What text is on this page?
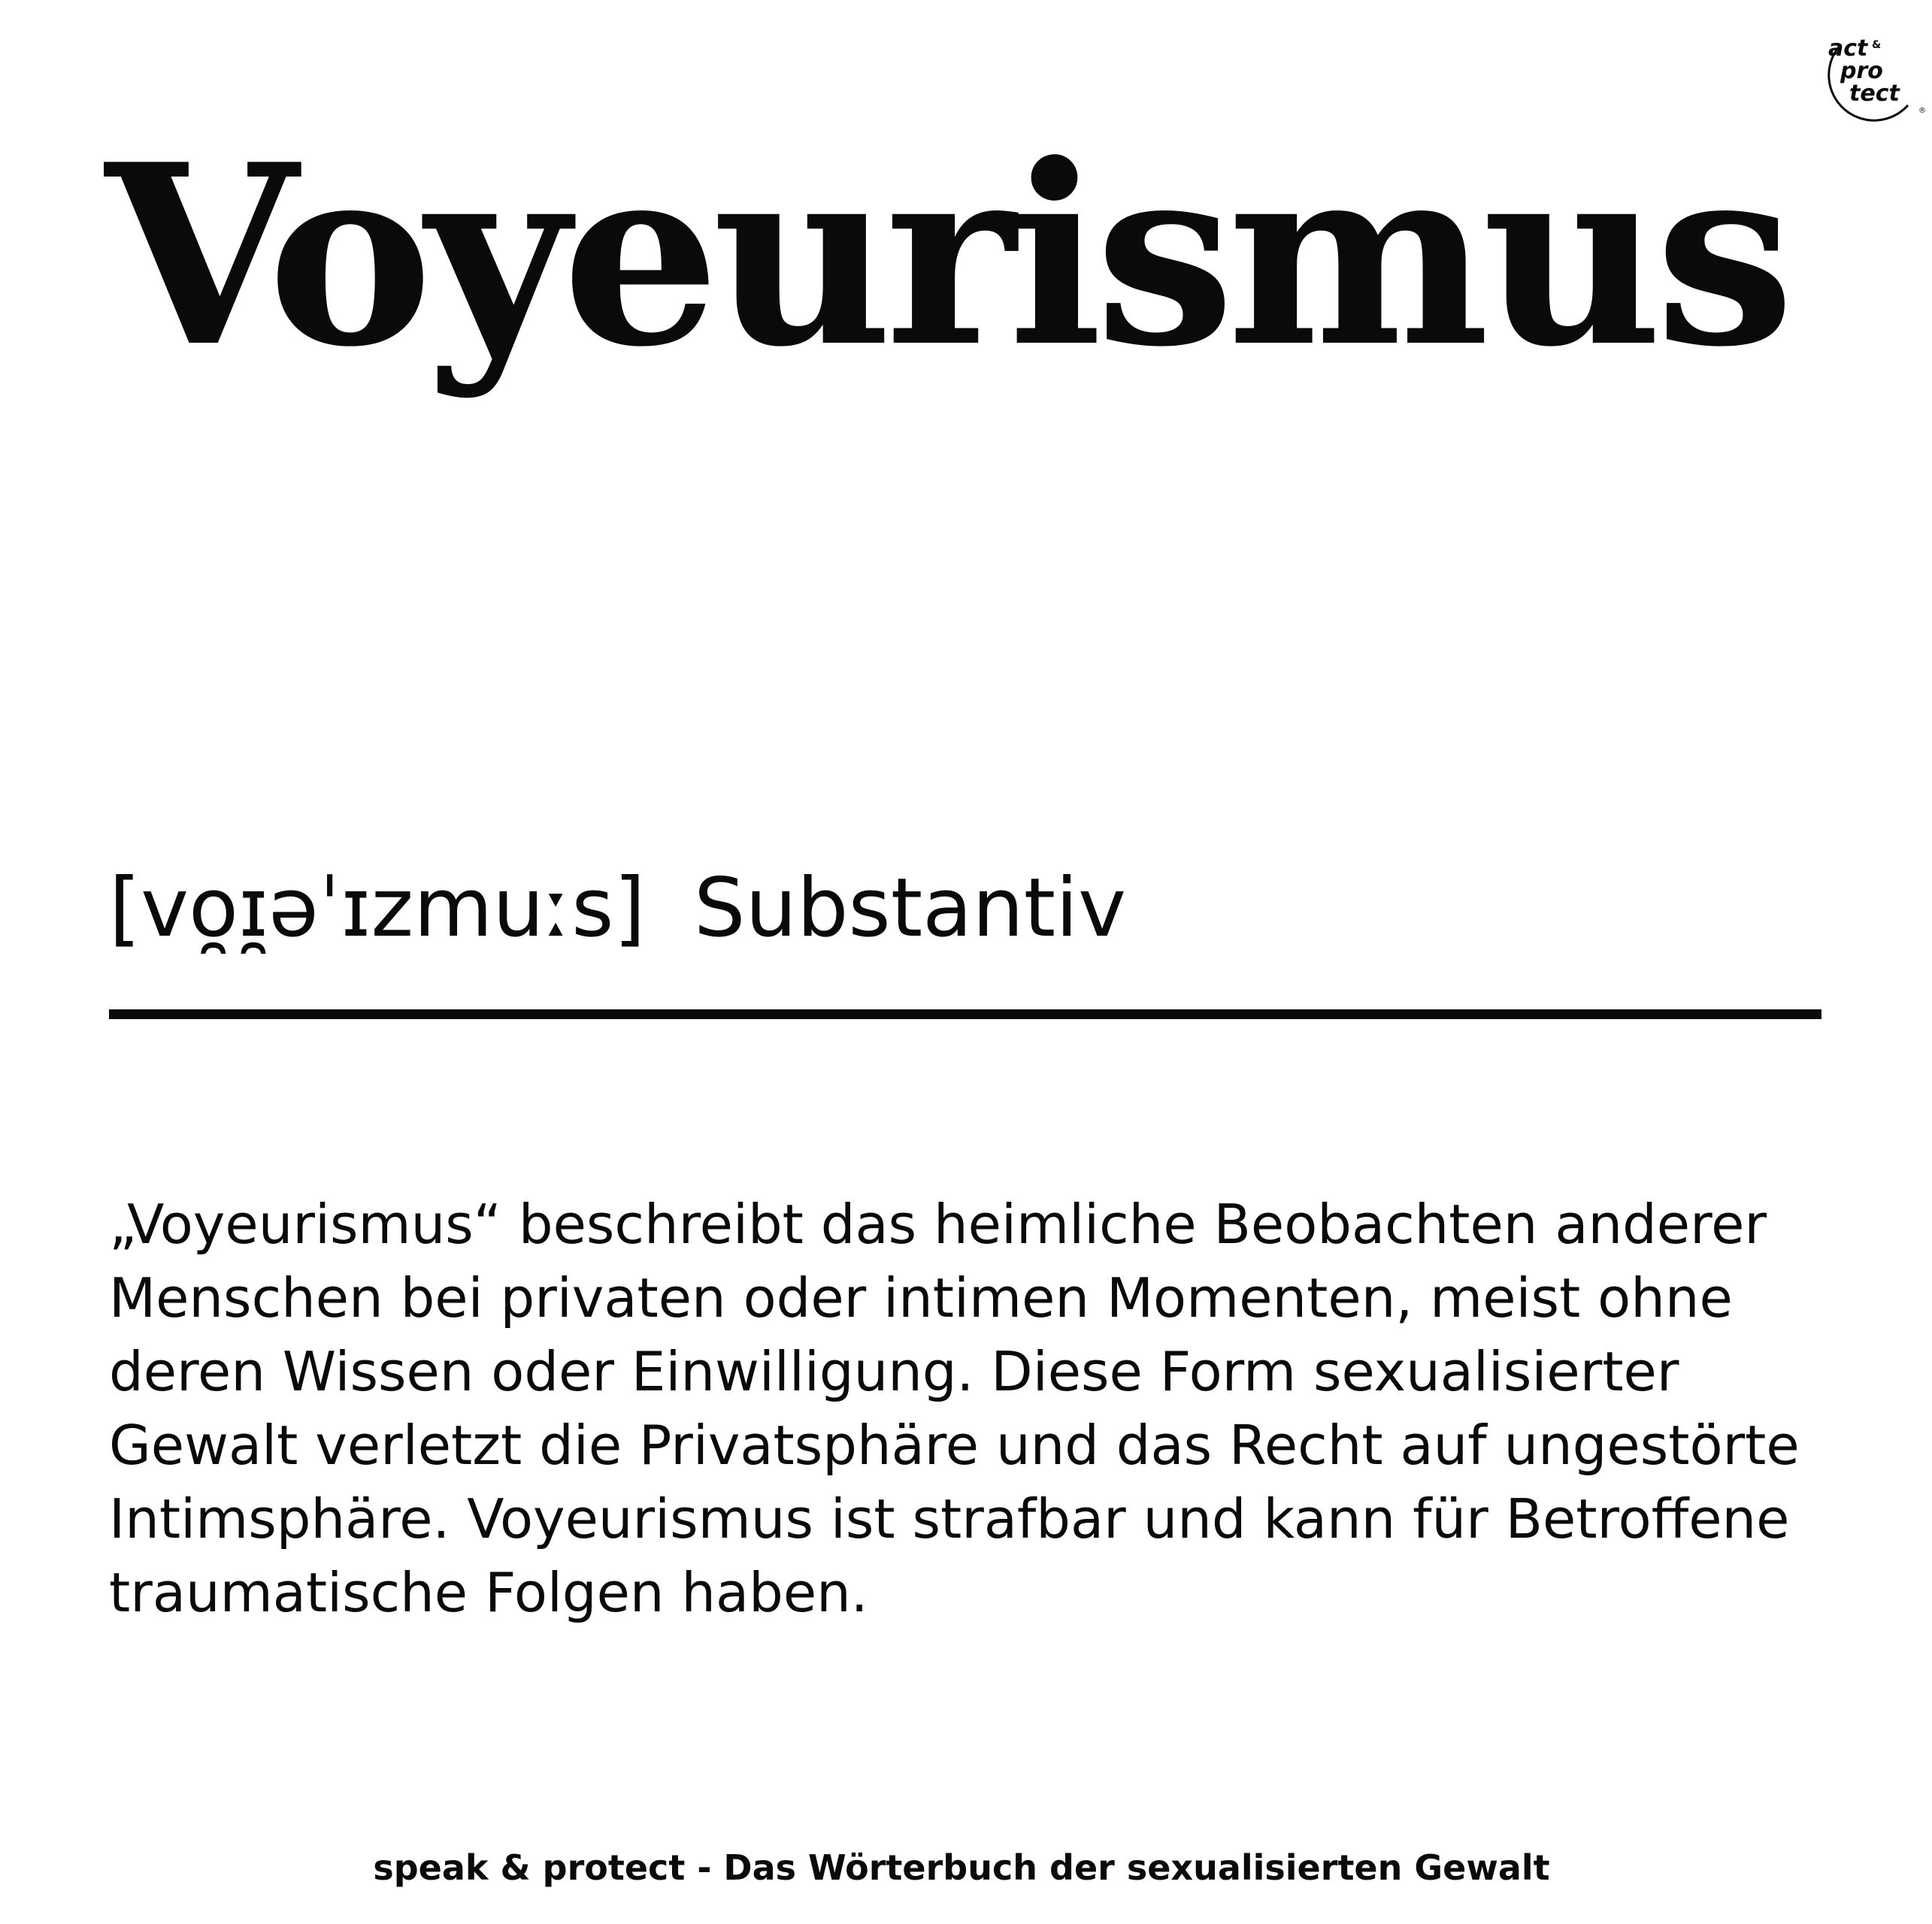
act &
pro
tect
®
Voyeurismus
[vo̯ɪ̯əˈɪzmuːs] Substantiv
„Voyeurismus“ beschreibt das heimliche Beobachten anderer Menschen bei privaten oder intimen Momenten, meist ohne deren Wissen oder Einwilligung. Diese Form sexualisierter Gewalt verletzt die Privatsphäre und das Recht auf ungestörte Intimsphäre. Voyeurismus ist strafbar und kann für Betroffene traumatische Folgen haben.
speak & protect - Das Wörterbuch der sexualisierten Gewalt
